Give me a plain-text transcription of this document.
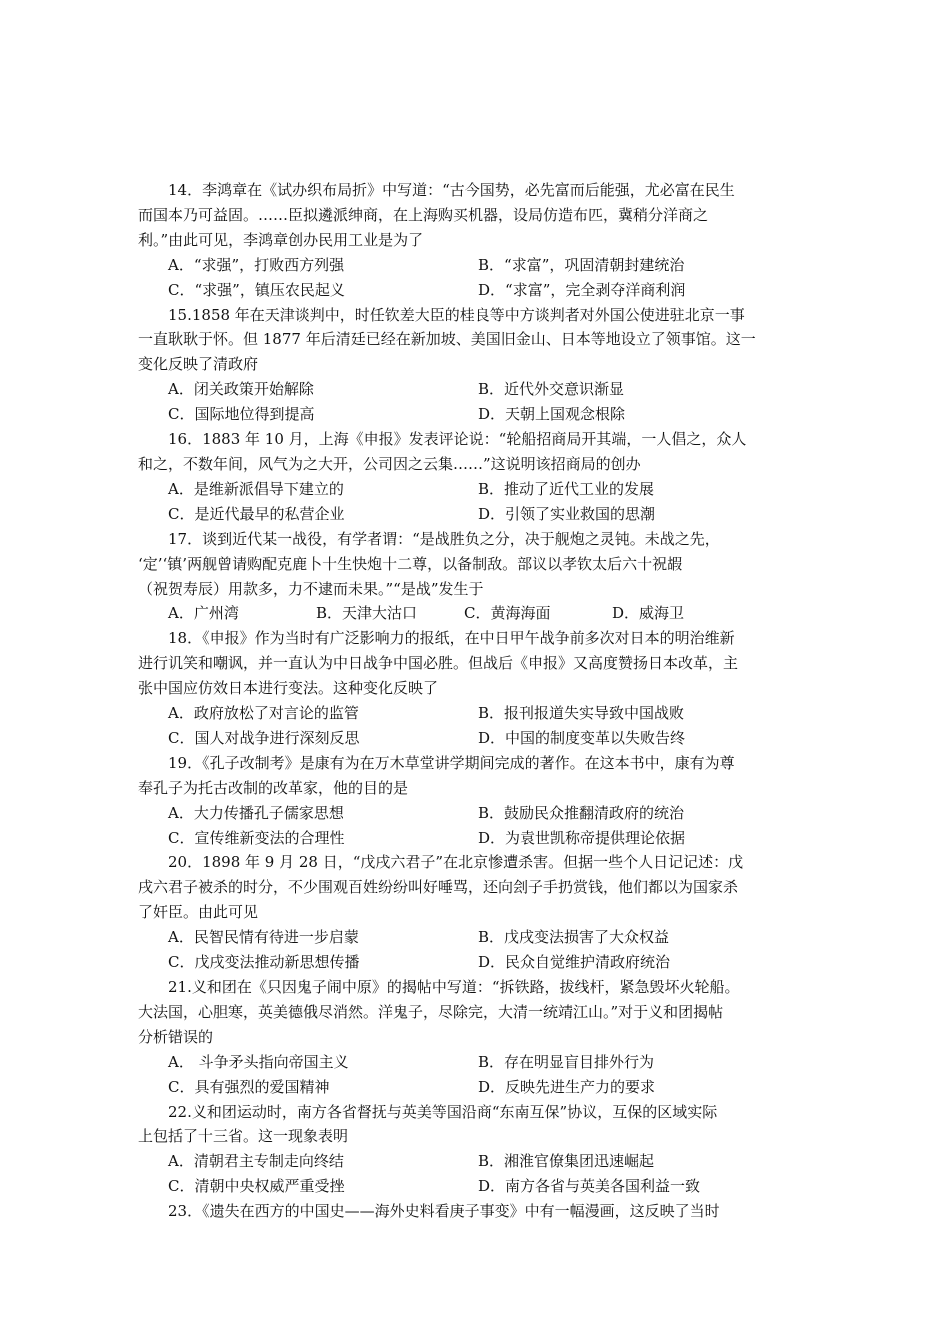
14．李鸿章在《试办织布局折》中写道：“古今国势，必先富而后能强，尤必富在民生

而国本乃可益固。……臣拟遴派绅商，在上海购买机器，设局仿造布匹，冀稍分洋商之

利。”由此可见，李鸿章创办民用工业是为了

A．“求强”，打败西方列强	B．“求富”，巩固清朝封建统治
C．“求强”，镇压农民起义	D．“求富”，完全剥夺洋商利润

15.1858 年在天津谈判中，时任钦差大臣的桂良等中方谈判者对外国公使进驻北京一事

一直耿耿于怀。但 1877 年后清廷已经在新加坡、美国旧金山、日本等地设立了领事馆。这一

变化反映了清政府

A．闭关政策开始解除	B．近代外交意识渐显
C．国际地位得到提高	D．天朝上国观念根除

16．1883 年 10 月，上海《申报》发表评论说：“轮船招商局开其端，一人倡之，众人

和之，不数年间，风气为之大开，公司因之云集……”这说明该招商局的创办

A．是维新派倡导下建立的	B．推动了近代工业的发展
C．是近代最早的私营企业	D．引领了实业救国的思潮

17．谈到近代某一战役，有学者谓：“是战胜负之分，决于舰炮之灵钝。未战之先，

‘定’‘镇’两舰曾请购配克鹿卜十生快炮十二尊，以备制敌。部议以孝钦太后六十祝嘏

（祝贺寿辰）用款多，力不逮而未果。”“是战”发生于

A．广州湾	B．天津大沽口	C．黄海海面	D．威海卫

18．《申报》作为当时有广泛影响力的报纸，在中日甲午战争前多次对日本的明治维新

进行讥笑和嘲讽，并一直认为中日战争中国必胜。但战后《申报》又高度赞扬日本改革，主

张中国应仿效日本进行变法。这种变化反映了

A．政府放松了对言论的监管	B．报刊报道失实导致中国战败
C．国人对战争进行深刻反思	D．中国的制度变革以失败告终

19．《孔子改制考》是康有为在万木草堂讲学期间完成的著作。在这本书中，康有为尊

奉孔子为托古改制的改革家，他的目的是

A．大力传播孔子儒家思想	B．鼓励民众推翻清政府的统治
C．宣传维新变法的合理性	D．为袁世凯称帝提供理论依据

20．1898 年 9 月 28 日，“戊戌六君子”在北京惨遭杀害。但据一些个人日记记述：戊

戌六君子被杀的时分，不少围观百姓纷纷叫好唾骂，还向刽子手扔赏钱，他们都以为国家杀

了奸臣。由此可见

A．民智民情有待进一步启蒙	B．戊戌变法损害了大众权益
C．戊戌变法推动新思想传播	D．民众自觉维护清政府统治

21.义和团在《只因鬼子闹中原》的揭帖中写道：“拆铁路，拔线杆，紧急毁坏火轮船。

大法国，心胆寒，英美德俄尽消然。洋鬼子，尽除完，大清一统靖江山。”对于义和团揭帖

分析错误的

A． 斗争矛头指向帝国主义	B．存在明显盲目排外行为
C．具有强烈的爱国精神	D．反映先进生产力的要求

22.义和团运动时，南方各省督抚与英美等国沿商“东南互保”协议，互保的区域实际

上包括了十三省。这一现象表明

A．清朝君主专制走向终结	B．湘淮官僚集团迅速崛起
C．清朝中央权威严重受挫	D．南方各省与英美各国利益一致

23．《遗失在西方的中国史——海外史料看庚子事变》中有一幅漫画，这反映了当时
